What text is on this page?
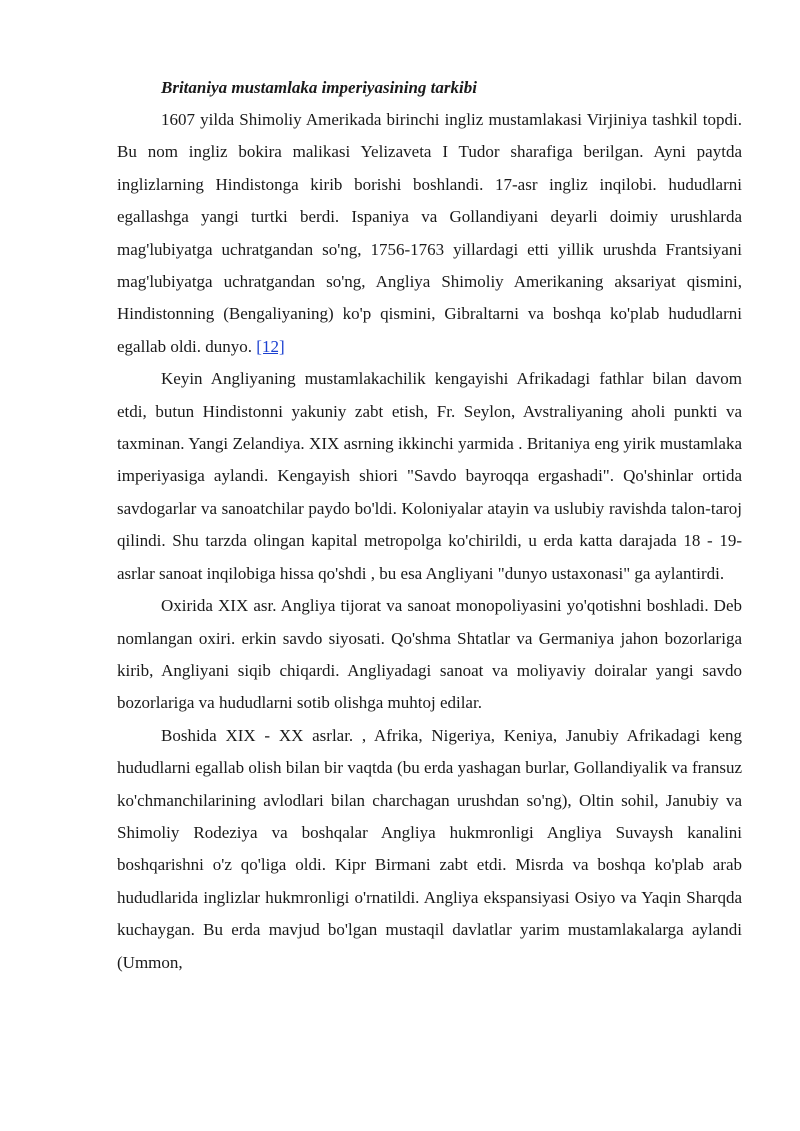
Britaniya mustamlaka imperiyasining tarkibi

1607 yilda Shimoliy Amerikada birinchi ingliz mustamlakasi Virjiniya tashkil topdi. Bu nom ingliz bokira malikasi Yelizaveta I Tudor sharafiga berilgan. Ayni paytda inglizlarning Hindistonga kirib borishi boshlandi. 17-asr ingliz inqilobi. hududlarni egallashga yangi turtki berdi. Ispaniya va Gollandiyani deyarli doimiy urushlarda mag'lubiyatga uchratgandan so'ng, 1756-1763 yillardagi etti yillik urushda Frantsiyani mag'lubiyatga uchratgandan so'ng, Angliya Shimoliy Amerikaning aksariyat qismini, Hindistonning (Bengaliyaning) ko'p qismini, Gibraltarni va boshqa ko'plab hududlarni egallab oldi. dunyo. [12]

Keyin Angliyaning mustamlakachilik kengayishi Afrikadagi fathlar bilan davom etdi, butun Hindistonni yakuniy zabt etish, Fr. Seylon, Avstraliyaning aholi punkti va taxminan. Yangi Zelandiya. XIX asrning ikkinchi yarmida . Britaniya eng yirik mustamlaka imperiyasiga aylandi. Kengayish shiori "Savdo bayroqqa ergashadi". Qo'shinlar ortida savdogarlar va sanoatchilar paydo bo'ldi. Koloniyalar atayin va uslubiy ravishda talon-taroj qilindi. Shu tarzda olingan kapital metropolga ko'chirildi, u erda katta darajada 18 - 19- asrlar sanoat inqilobiga hissa qo'shdi , bu esa Angliyani "dunyo ustaxonasi" ga aylantirdi.

Oxirida XIX asr. Angliya tijorat va sanoat monopoliyasini yo'qotishni boshladi. Deb nomlangan oxiri. erkin savdo siyosati. Qo'shma Shtatlar va Germaniya jahon bozorlariga kirib, Angliyani siqib chiqardi. Angliyadagi sanoat va moliyaviy doiralar yangi savdo bozorlariga va hududlarni sotib olishga muhtoj edilar.

Boshida XIX - XX asrlar. , Afrika, Nigeriya, Keniya, Janubiy Afrikadagi keng hududlarni egallab olish bilan bir vaqtda (bu erda yashagan burlar, Gollandiyalik va fransuz ko'chmanchilarining avlodlari bilan charchagan urushdan so'ng), Oltin sohil, Janubiy va Shimoliy Rodeziya va boshqalar Angliya hukmronligi Angliya Suvaysh kanalini boshqarishni o'z qo'liga oldi. Kipr Birmani zabt etdi. Misrda va boshqa ko'plab arab hududlarida inglizlar hukmronligi o'rnatildi. Angliya ekspansiyasi Osiyo va Yaqin Sharqda kuchaygan. Bu erda mavjud bo'lgan mustaqil davlatlar yarim mustamlakalarga aylandi (Ummon,
